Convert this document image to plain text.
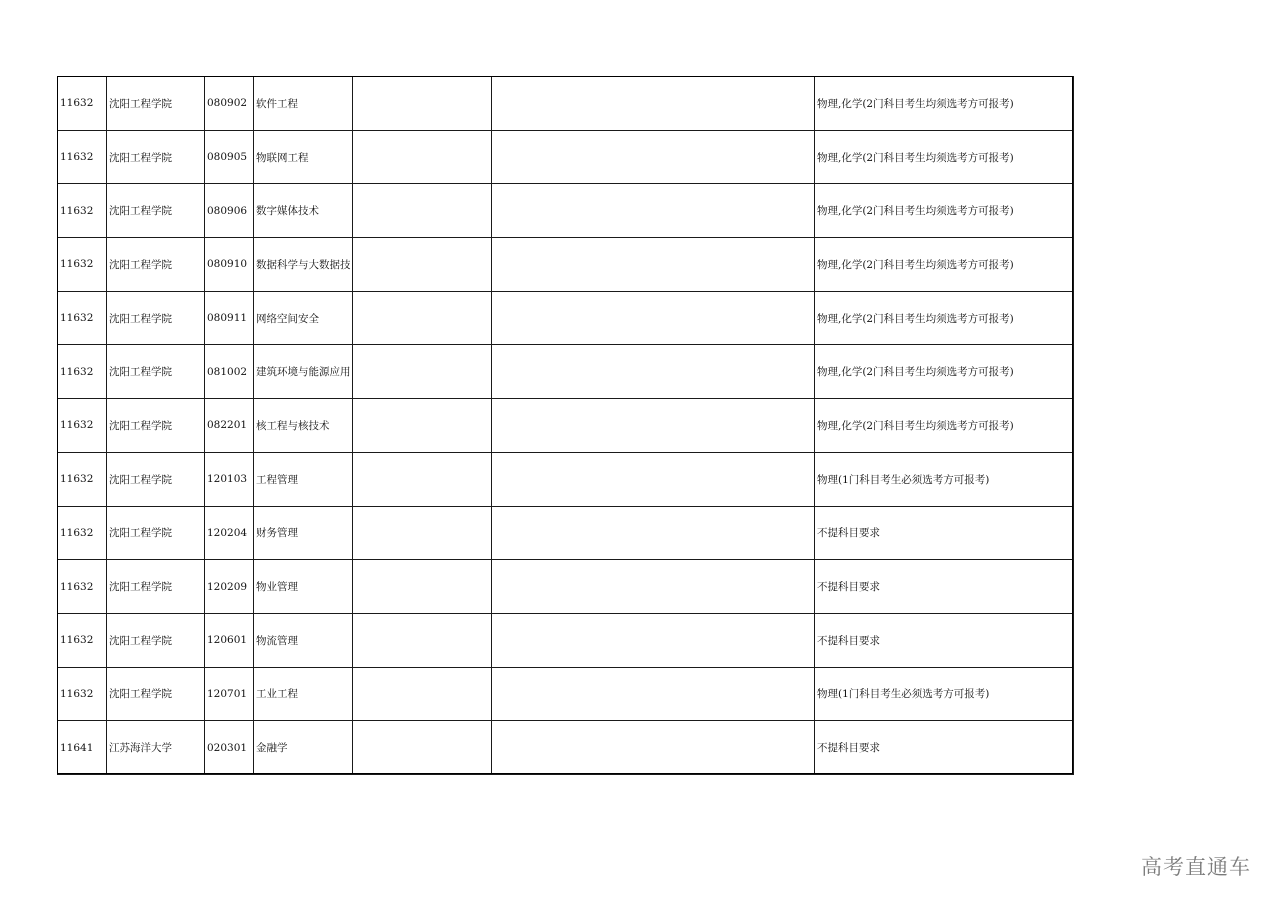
11632	沈阳工程学院	080902	软件工程			物理,化学(2门科目考生均须选考方可报考)
11632	沈阳工程学院	080905	物联网工程			物理,化学(2门科目考生均须选考方可报考)
11632	沈阳工程学院	080906	数字媒体技术			物理,化学(2门科目考生均须选考方可报考)
11632	沈阳工程学院	080910	数据科学与大数据技			物理,化学(2门科目考生均须选考方可报考)
11632	沈阳工程学院	080911	网络空间安全			物理,化学(2门科目考生均须选考方可报考)
11632	沈阳工程学院	081002	建筑环境与能源应用			物理,化学(2门科目考生均须选考方可报考)
11632	沈阳工程学院	082201	核工程与核技术			物理,化学(2门科目考生均须选考方可报考)
11632	沈阳工程学院	120103	工程管理			物理(1门科目考生必须选考方可报考)
11632	沈阳工程学院	120204	财务管理			不提科目要求
11632	沈阳工程学院	120209	物业管理			不提科目要求
11632	沈阳工程学院	120601	物流管理			不提科目要求
11632	沈阳工程学院	120701	工业工程			物理(1门科目考生必须选考方可报考)
11641	江苏海洋大学	020301	金融学			不提科目要求
高考直通车
